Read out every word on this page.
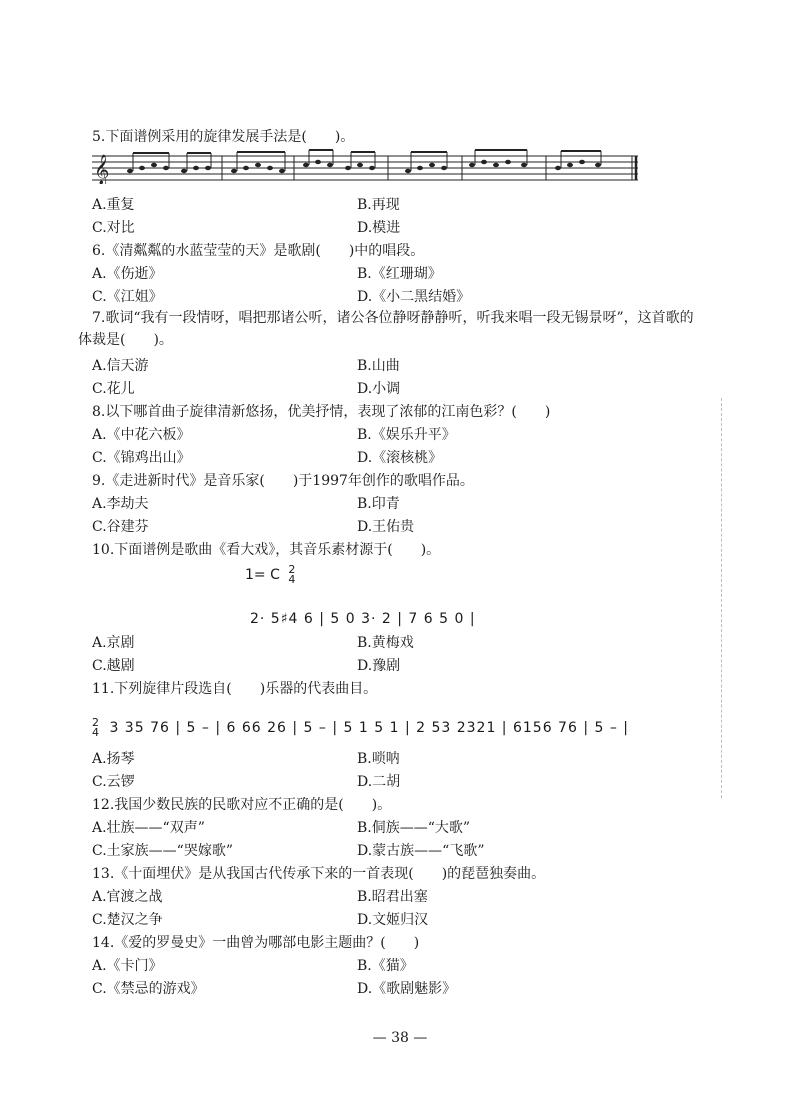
5.下面谱例采用的旋律发展手法是(　　)。
𝄞
A.重复	B.再现
C.对比	D.模进
6.《清粼粼的水蓝莹莹的天》是歌剧(　　)中的唱段。
A.《伤逝》	B.《红珊瑚》
C.《江姐》	D.《小二黑结婚》
7.歌词“我有一段情呀，唱把那诸公听，诸公各位静呀静静听，听我来唱一段无锡景呀”，这首歌的体裁是(　　)。
A.信天游	B.山曲
C.花儿	D.小调
8.以下哪首曲子旋律清新悠扬，优美抒情，表现了浓郁的江南色彩？(　　)
A.《中花六板》	B.《娱乐升平》
C.《锦鸡出山》	D.《滚核桃》
9.《走进新时代》是音乐家(　　)于1997年创作的歌唱作品。
A.李劫夫	B.印青
C.谷建芬	D.王佑贵
10.下面谱例是歌曲《看大戏》，其音乐素材源于(　　)。
1= C 2
4
2· 5♯4 6 | 5 0 3· 2 | 7 6 5 0 |
A.京剧	B.黄梅戏
C.越剧	D.豫剧
11.下列旋律片段选自(　　)乐器的代表曲目。
2
4 3 35 76 | 5 – | 6 66 26 | 5 – | 5 1 5 1 | 2 53 2321 | 6156 76 | 5 – |
A.扬琴	B.唢呐
C.云锣	D.二胡
12.我国少数民族的民歌对应不正确的是(　　)。
A.壮族——“双声”	B.侗族——“大歌”
C.土家族——“哭嫁歌”	D.蒙古族——“飞歌”
13.《十面埋伏》是从我国古代传承下来的一首表现(　　)的琵琶独奏曲。
A.官渡之战	B.昭君出塞
C.楚汉之争	D.文姬归汉
14.《爱的罗曼史》一曲曾为哪部电影主题曲？(　　)
A.《卡门》	B.《猫》
C.《禁忌的游戏》	D.《歌剧魅影》
— 38 —
